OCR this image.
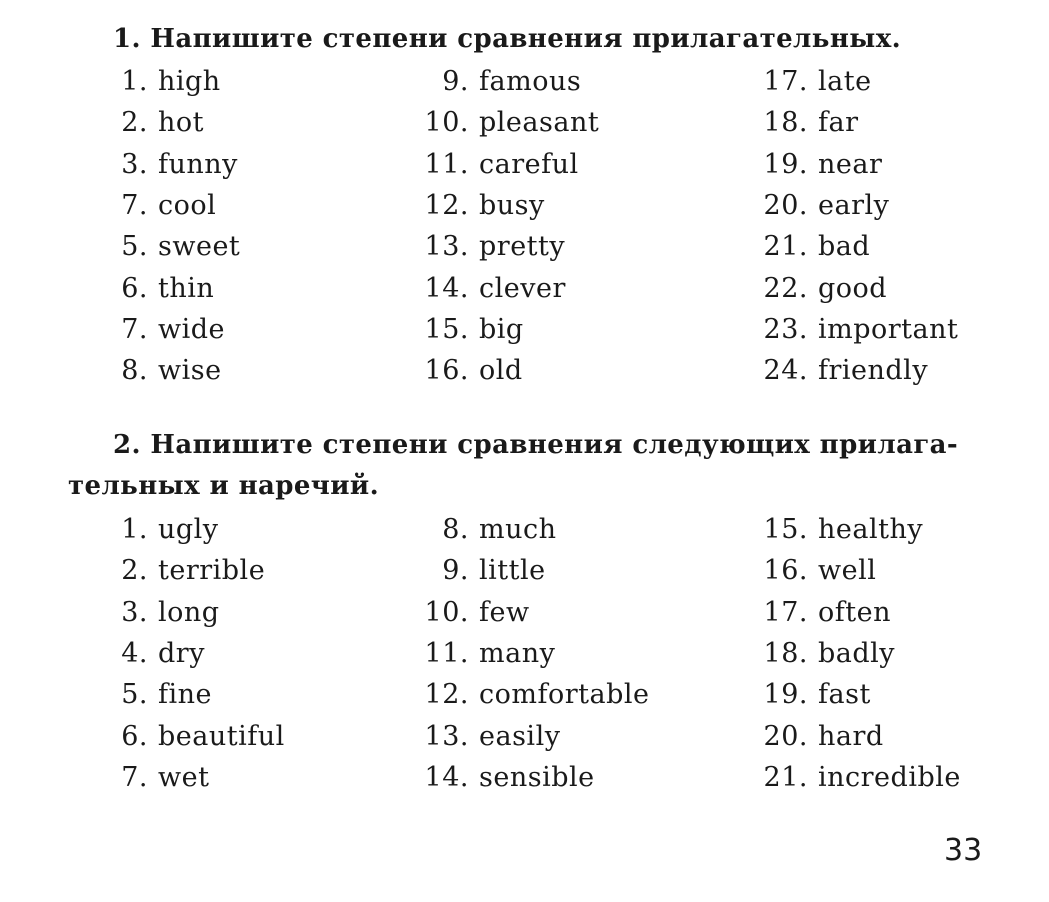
1. Напишите степени сравнения прилагательных.
1. high
2. hot
3. funny
7. cool
5. sweet
6. thin
7. wide
8. wise
9. famous
10. pleasant
11. careful
12. busy
13. pretty
14. clever
15. big
16. old
17. late
18. far
19. near
20. early
21. bad
22. good
23. important
24. friendly
2. Напишите степени сравнения следующих прилага-
тельных и наречий.
1. ugly
2. terrible
3. long
4. dry
5. fine
6. beautiful
7. wet
8. much
9. little
10. few
11. many
12. comfortable
13. easily
14. sensible
15. healthy
16. well
17. often
18. badly
19. fast
20. hard
21. incredible
33
